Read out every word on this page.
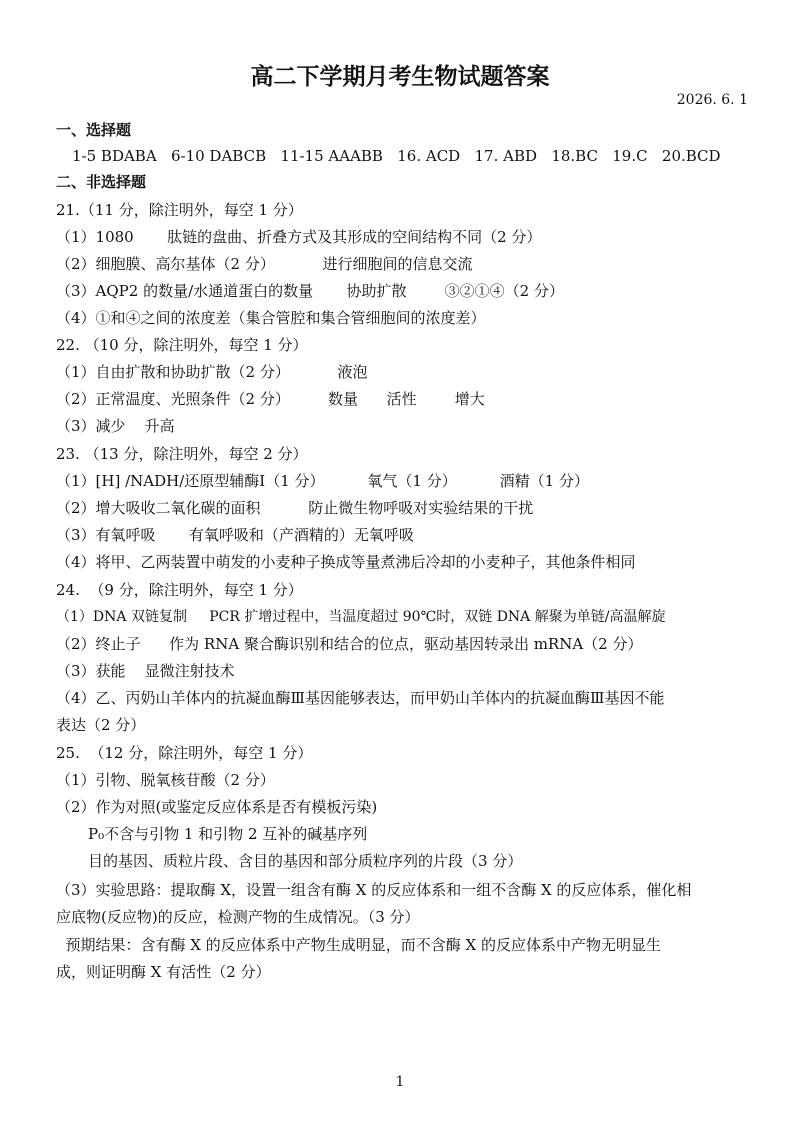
高二下学期月考生物试题答案
2026. 6. 1
一、选择题
1-5 BDABA   6-10 DABCB   11-15 AAABB   16. ACD   17. ABD   18.BC   19.C   20.BCD
二、非选择题
21.（11 分，除注明外，每空 1 分）
（1）1080       肽链的盘曲、折叠方式及其形成的空间结构不同（2 分）
（2）细胞膜、高尔基体（2 分）          进行细胞间的信息交流
（3）AQP2 的数量/水通道蛋白的数量       协助扩散        ③②①④（2 分）
（4）①和④之间的浓度差（集合管腔和集合管细胞间的浓度差）
22. （10 分，除注明外，每空 1 分）
（1）自由扩散和协助扩散（2 分）          液泡
（2）正常温度、光照条件（2 分）        数量      活性        增大
（3）减少    升高
23. （13 分，除注明外，每空 2 分）
（1）[H] /NADH/还原型辅酶Ⅰ（1 分）         氧气（1 分）         酒精（1 分）
（2）增大吸收二氧化碳的面积          防止微生物呼吸对实验结果的干扰
（3）有氧呼吸       有氧呼吸和（产酒精的）无氧呼吸
（4）将甲、乙两装置中萌发的小麦种子换成等量煮沸后冷却的小麦种子，其他条件相同
24.  （9 分，除注明外，每空 1 分）
（1）DNA 双链复制     PCR 扩增过程中，当温度超过 90℃时，双链 DNA 解聚为单链/高温解旋
（2）终止子      作为 RNA 聚合酶识别和结合的位点，驱动基因转录出 mRNA（2 分）
（3）获能    显微注射技术
（4）乙、丙奶山羊体内的抗凝血酶Ⅲ基因能够表达，而甲奶山羊体内的抗凝血酶Ⅲ基因不能
表达（2 分）
25.  （12 分，除注明外，每空 1 分）
（1）引物、脱氧核苷酸（2 分）
（2）作为对照(或鉴定反应体系是否有模板污染)
P₀不含与引物 1 和引物 2 互补的碱基序列
目的基因、质粒片段、含目的基因和部分质粒序列的片段（3 分）
（3）实验思路：提取酶 X，设置一组含有酶 X 的反应体系和一组不含酶 X 的反应体系，催化相
应底物(反应物)的反应，检测产物的生成情况。（3 分）
预期结果：含有酶 X 的反应体系中产物生成明显，而不含酶 X 的反应体系中产物无明显生
成，则证明酶 X 有活性（2 分）
1
